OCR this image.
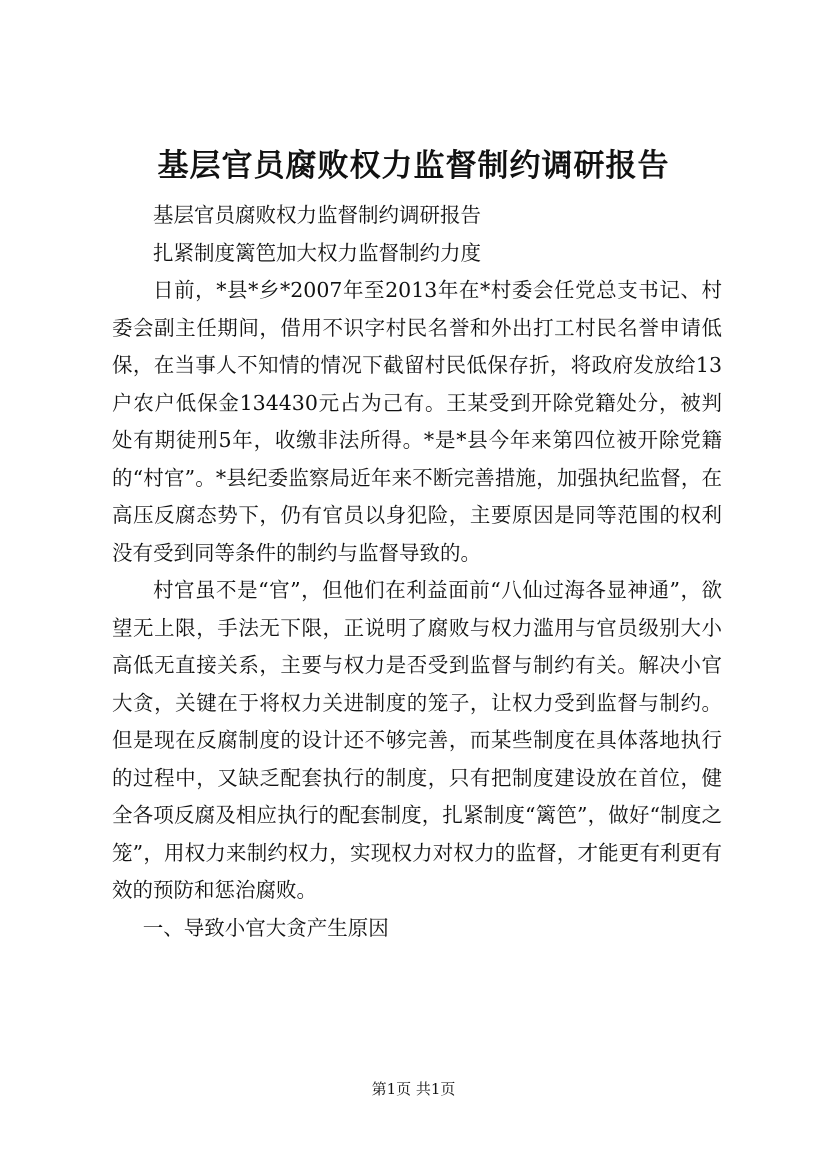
基层官员腐败权力监督制约调研报告

基层官员腐败权力监督制约调研报告

扎紧制度篱笆加大权力监督制约力度

日前，*县*乡*2007年至2013年在*村委会任党总支书记、村委会副主任期间，借用不识字村民名誉和外出打工村民名誉申请低保，在当事人不知情的情况下截留村民低保存折，将政府发放给13户农户低保金134430元占为己有。王某受到开除党籍处分，被判处有期徒刑5年，收缴非法所得。*是*县今年来第四位被开除党籍的“村官”。*县纪委监察局近年来不断完善措施，加强执纪监督，在高压反腐态势下，仍有官员以身犯险，主要原因是同等范围的权利没有受到同等条件的制约与监督导致的。

村官虽不是“官”，但他们在利益面前“八仙过海各显神通”，欲望无上限，手法无下限，正说明了腐败与权力滥用与官员级别大小高低无直接关系，主要与权力是否受到监督与制约有关。解决小官大贪，关键在于将权力关进制度的笼子，让权力受到监督与制约。但是现在反腐制度的设计还不够完善，而某些制度在具体落地执行的过程中，又缺乏配套执行的制度，只有把制度建设放在首位，健全各项反腐及相应执行的配套制度，扎紧制度“篱笆”，做好“制度之笼”，用权力来制约权力，实现权力对权力的监督，才能更有利更有效的预防和惩治腐败。

一、导致小官大贪产生原因

第1页 共1页
